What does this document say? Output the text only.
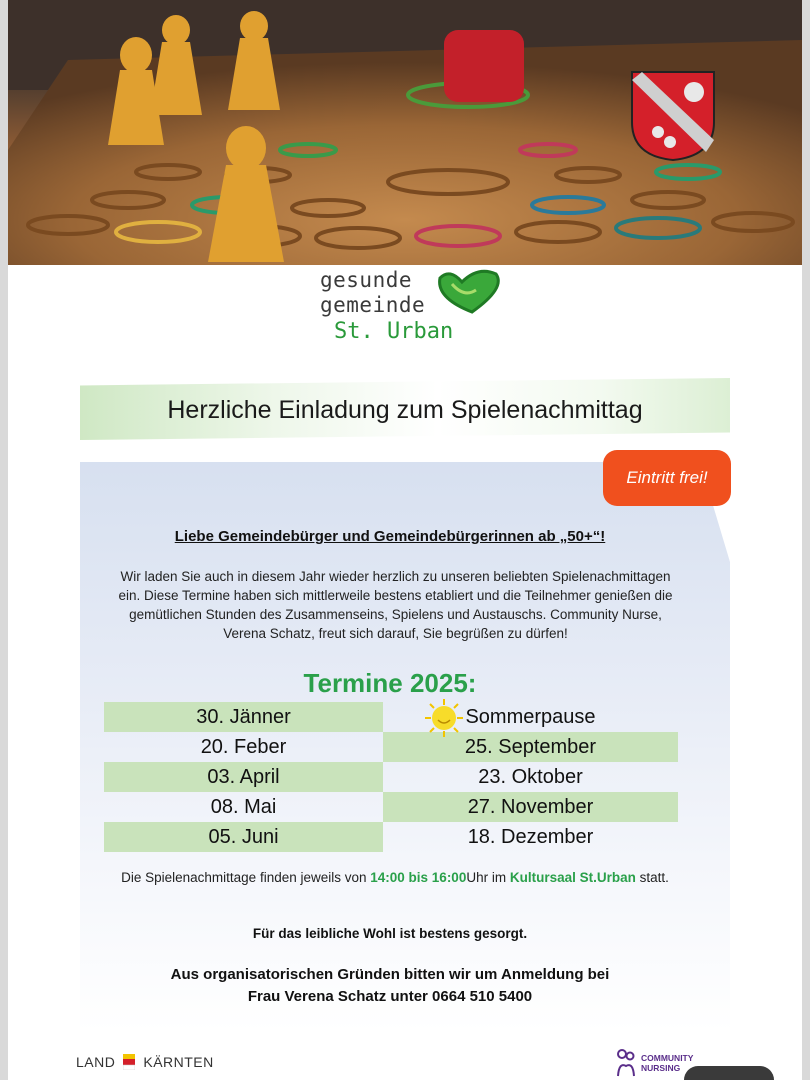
gesunde
gemeinde
St. Urban
Herzliche Einladung zum Spielenachmittag
Eintritt frei!
Liebe Gemeindebürger und Gemeindebürgerinnen ab „50+“!
Wir laden Sie auch in diesem Jahr wieder herzlich zu unseren beliebten Spielenachmittagen ein. Diese Termine haben sich mittlerweile bestens etabliert und die Teilnehmer genießen die gemütlichen Stunden des Zusammenseins, Spielens und Austauschs. Community Nurse, Verena Schatz, freut sich darauf, Sie begrüßen zu dürfen!
Termine 2025:
30. Jänner	Sommerpause
20. Feber	25. September
03. April	23. Oktober
08. Mai	27. November
05. Juni	18. Dezember
Die Spielenachmittage finden jeweils von 14:00 bis 16:00Uhr im Kultursaal St.Urban statt.
Für das leibliche Wohl ist bestens gesorgt.
Aus organisatorischen Gründen bitten wir um Anmeldung bei
Frau Verena Schatz unter 0664 510 5400
LAND KÄRNTEN	COMMUNITY
NURSING
